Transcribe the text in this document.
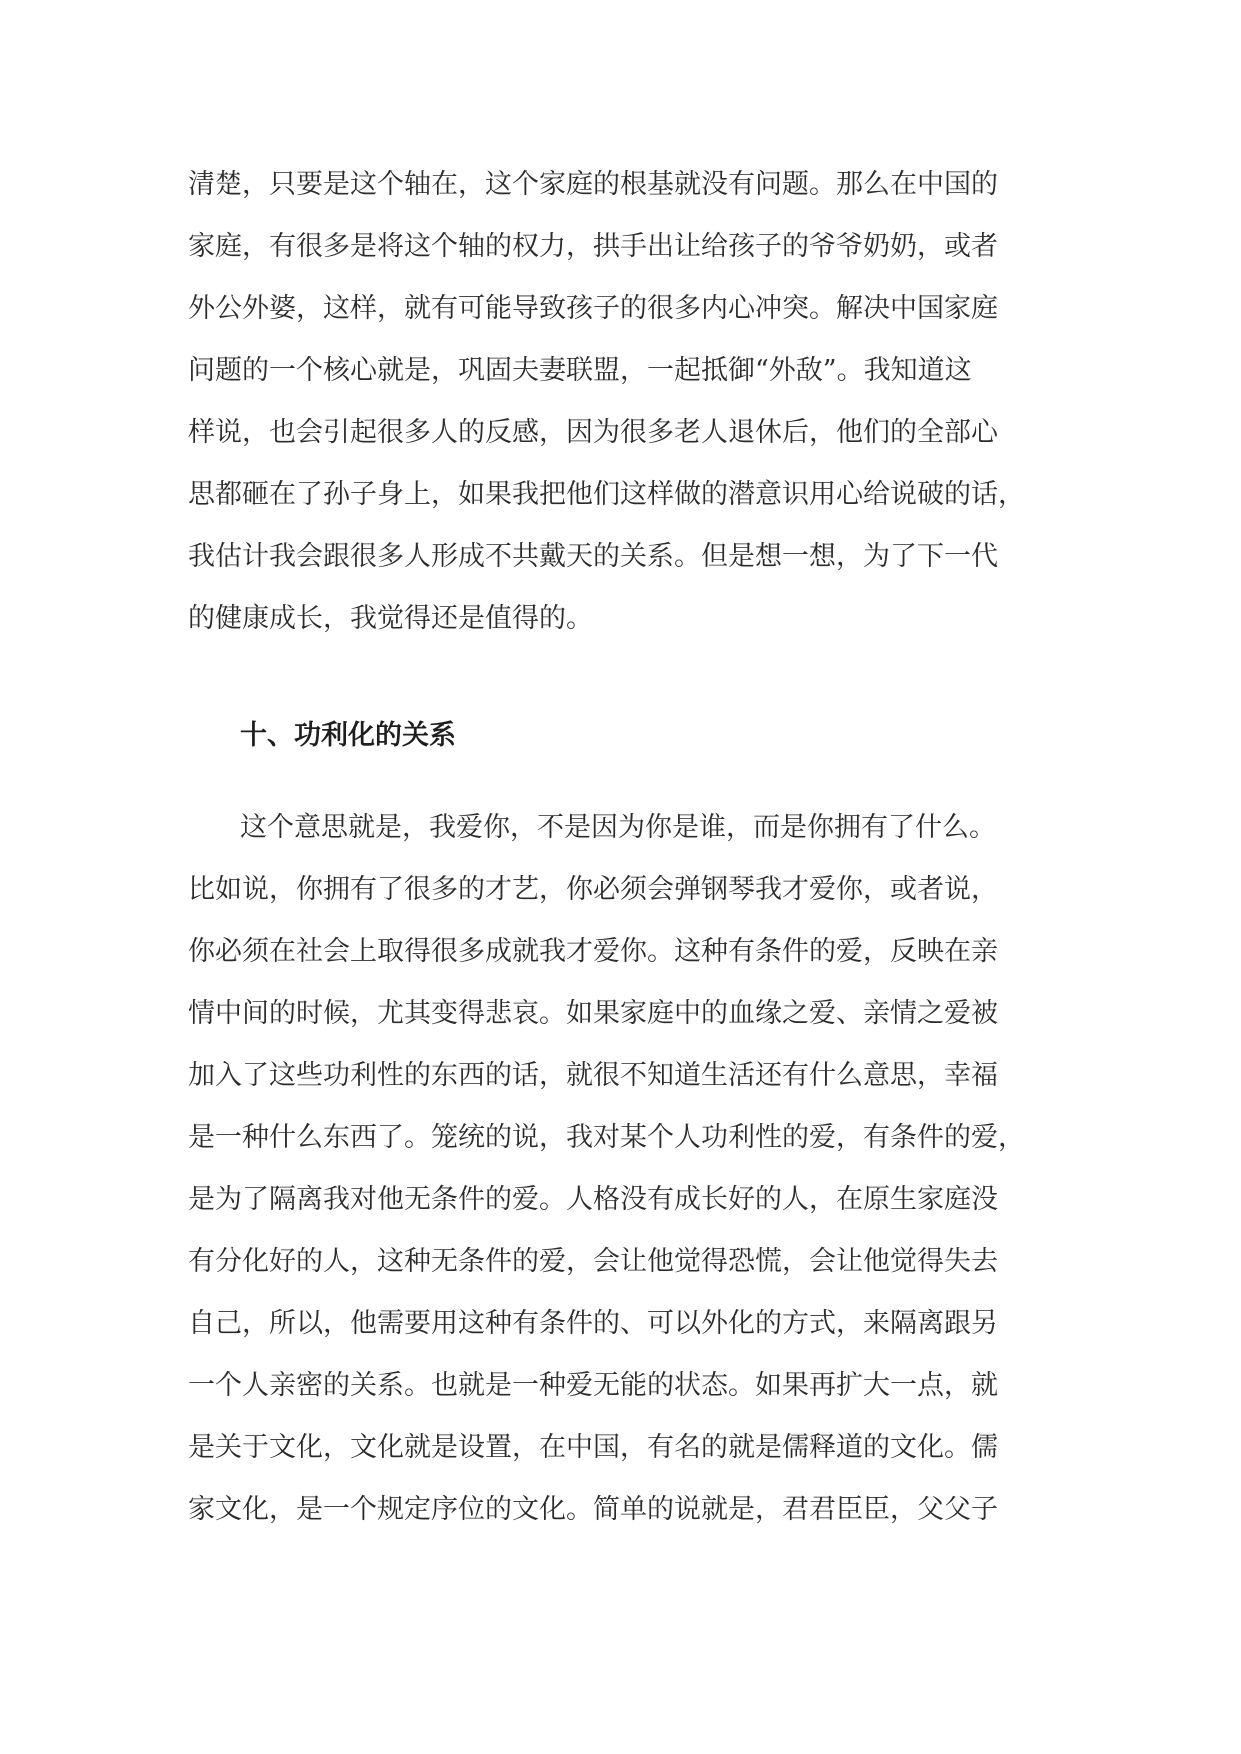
清楚，只要是这个轴在，这个家庭的根基就没有问题。那么在中国的
家庭，有很多是将这个轴的权力，拱手出让给孩子的爷爷奶奶，或者
外公外婆，这样，就有可能导致孩子的很多内心冲突。解决中国家庭
问题的一个核心就是，巩固夫妻联盟，一起抵御“外敌”。我知道这
样说，也会引起很多人的反感，因为很多老人退休后，他们的全部心
思都砸在了孙子身上，如果我把他们这样做的潜意识用心给说破的话，
我估计我会跟很多人形成不共戴天的关系。但是想一想，为了下一代
的健康成长，我觉得还是值得的。
十、功利化的关系
这个意思就是，我爱你，不是因为你是谁，而是你拥有了什么。
比如说，你拥有了很多的才艺，你必须会弹钢琴我才爱你，或者说，
你必须在社会上取得很多成就我才爱你。这种有条件的爱，反映在亲
情中间的时候，尤其变得悲哀。如果家庭中的血缘之爱、亲情之爱被
加入了这些功利性的东西的话，就很不知道生活还有什么意思，幸福
是一种什么东西了。笼统的说，我对某个人功利性的爱，有条件的爱，
是为了隔离我对他无条件的爱。人格没有成长好的人，在原生家庭没
有分化好的人，这种无条件的爱，会让他觉得恐慌，会让他觉得失去
自己，所以，他需要用这种有条件的、可以外化的方式，来隔离跟另
一个人亲密的关系。也就是一种爱无能的状态。如果再扩大一点，就
是关于文化，文化就是设置，在中国，有名的就是儒释道的文化。儒
家文化，是一个规定序位的文化。简单的说就是，君君臣臣，父父子
